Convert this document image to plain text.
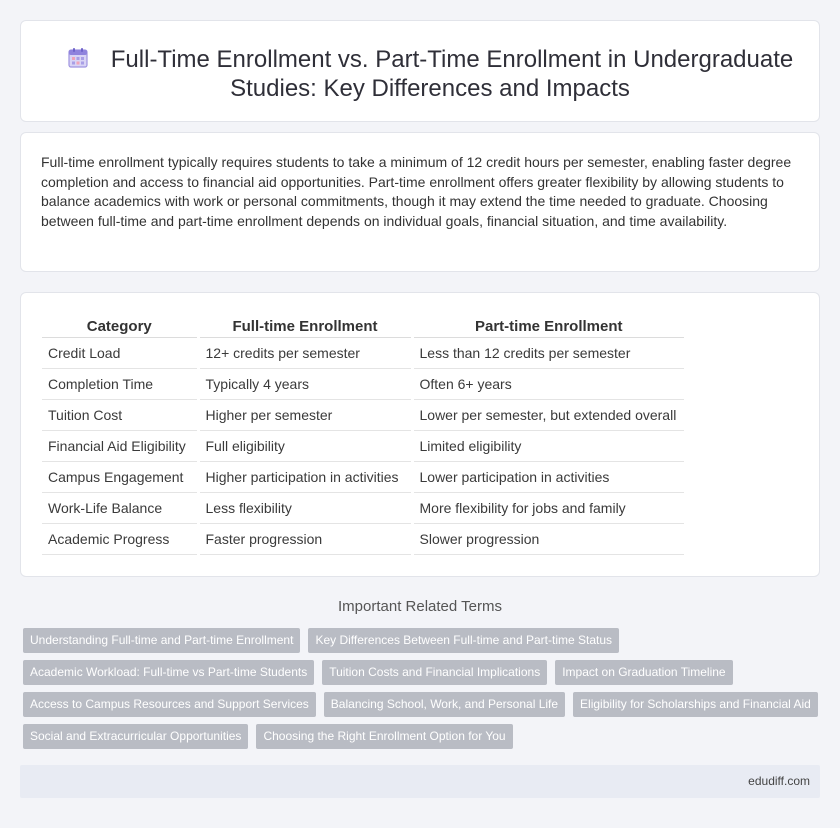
Full-Time Enrollment vs. Part-Time Enrollment in Undergraduate Studies: Key Differences and Impacts

Full-time enrollment typically requires students to take a minimum of 12 credit hours per semester, enabling faster degree completion and access to financial aid opportunities. Part-time enrollment offers greater flexibility by allowing students to balance academics with work or personal commitments, though it may extend the time needed to graduate. Choosing between full-time and part-time enrollment depends on individual goals, financial situation, and time availability.

Category	Full-time Enrollment	Part-time Enrollment
Credit Load	12+ credits per semester	Less than 12 credits per semester
Completion Time	Typically 4 years	Often 6+ years
Tuition Cost	Higher per semester	Lower per semester, but extended overall
Financial Aid Eligibility	Full eligibility	Limited eligibility
Campus Engagement	Higher participation in activities	Lower participation in activities
Work-Life Balance	Less flexibility	More flexibility for jobs and family
Academic Progress	Faster progression	Slower progression
Important Related Terms
Understanding Full-time and Part-time Enrollment	Key Differences Between Full-time and Part-time Status
Academic Workload: Full-time vs Part-time Students	Tuition Costs and Financial Implications	Impact on Graduation Timeline
Access to Campus Resources and Support Services	Balancing School, Work, and Personal Life	Eligibility for Scholarships and Financial Aid
Social and Extracurricular Opportunities	Choosing the Right Enrollment Option for You
edudiff.com
